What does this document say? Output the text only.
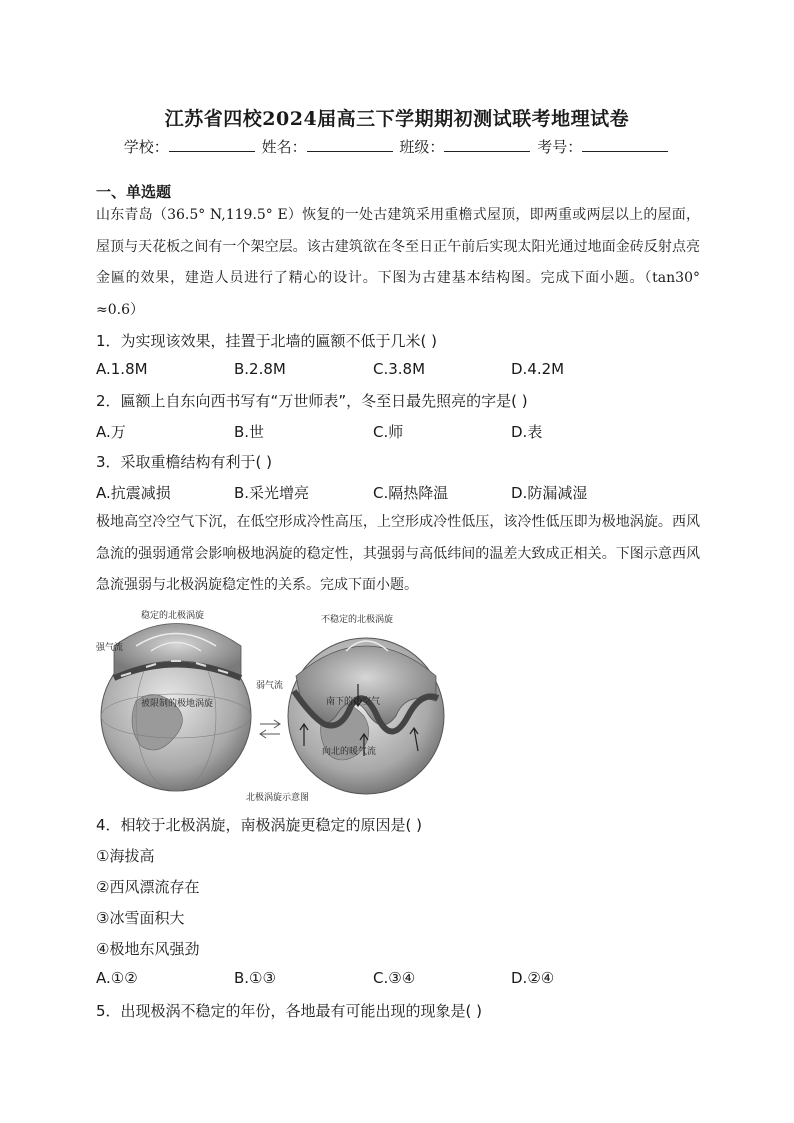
江苏省四校2024届高三下学期期初测试联考地理试卷
学校：	姓名：	班级：	考号：
一、单选题
山东青岛（36.5° N,119.5° E）恢复的一处古建筑采用重檐式屋顶，即两重或两层以上的屋面，屋顶与天花板之间有一个架空层。该古建筑欲在冬至日正午前后实现太阳光通过地面金砖反射点亮金匾的效果，建造人员进行了精心的设计。下图为古建基本结构图。完成下面小题。（tan30° ≈0.6）
1．为实现该效果，挂置于北墙的匾额不低于几米( )
A.1.8M	B.2.8M	C.3.8M	D.4.2M
2．匾额上自东向西书写有“万世师表”，冬至日最先照亮的字是( )
A.万	B.世	C.师	D.表
3．采取重檐结构有利于( )
A.抗震减损	B.采光增亮	C.隔热降温	D.防漏减湿
极地高空冷空气下沉，在低空形成冷性高压，上空形成冷性低压，该冷性低压即为极地涡旋。西风急流的强弱通常会影响极地涡旋的稳定性，其强弱与高低纬间的温差大致成正相关。下图示意西风急流强弱与北极涡旋稳定性的关系。完成下面小题。
稳定的北极涡旋
强气流
被限制的极地涡旋
不稳定的北极涡旋
弱气流
南下的冷空气
向北的暖气流
北极涡旋示意图
4．相较于北极涡旋，南极涡旋更稳定的原因是( )
①海拔高
②西风漂流存在
③冰雪面积大
④极地东风强劲
A.①②	B.①③	C.③④	D.②④
5．出现极涡不稳定的年份，各地最有可能出现的现象是( )
